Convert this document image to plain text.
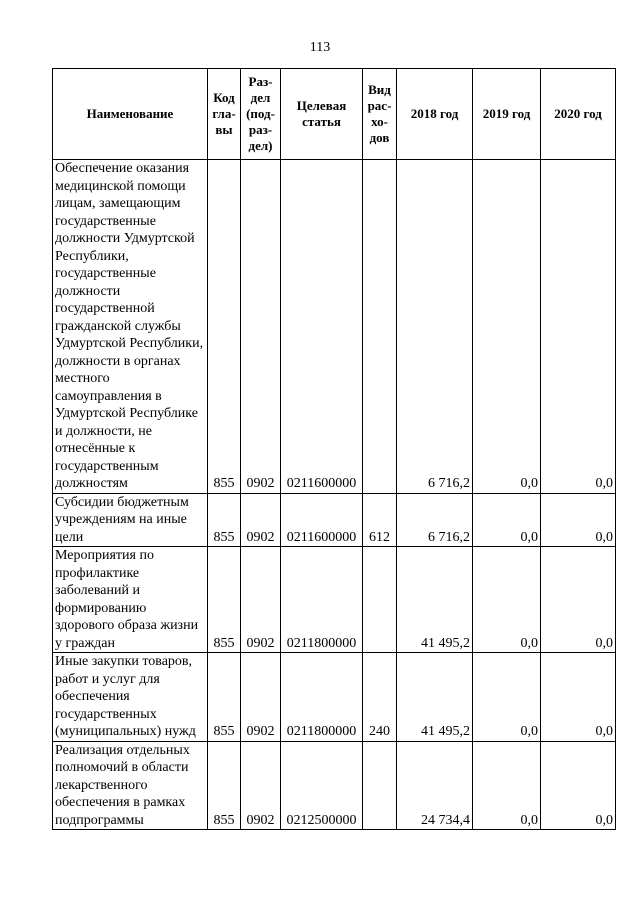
113
Наименование	Код гла-вы	Раз-дел (под-раз-дел)	Целевая статья	Вид рас-хо-дов	2018 год	2019 год	2020 год
Обеспечение оказания медицинской помощи лицам, замещающим государственные должности Удмуртской Республики, государственные должности государственной гражданской службы Удмуртской Республики, должности в органах местного самоуправления в Удмуртской Республике и должности, не отнесённые к государственным должностям	855	0902	0211600000		6 716,2	0,0	0,0
Субсидии бюджетным учреждениям на иные цели	855	0902	0211600000	612	6 716,2	0,0	0,0
Мероприятия по профилактике заболеваний и формированию здорового образа жизни у граждан	855	0902	0211800000		41 495,2	0,0	0,0
Иные закупки товаров, работ и услуг для обеспечения государственных (муниципальных) нужд	855	0902	0211800000	240	41 495,2	0,0	0,0
Реализация отдельных полномочий в области лекарственного обеспечения в рамках подпрограммы	855	0902	0212500000		24 734,4	0,0	0,0
